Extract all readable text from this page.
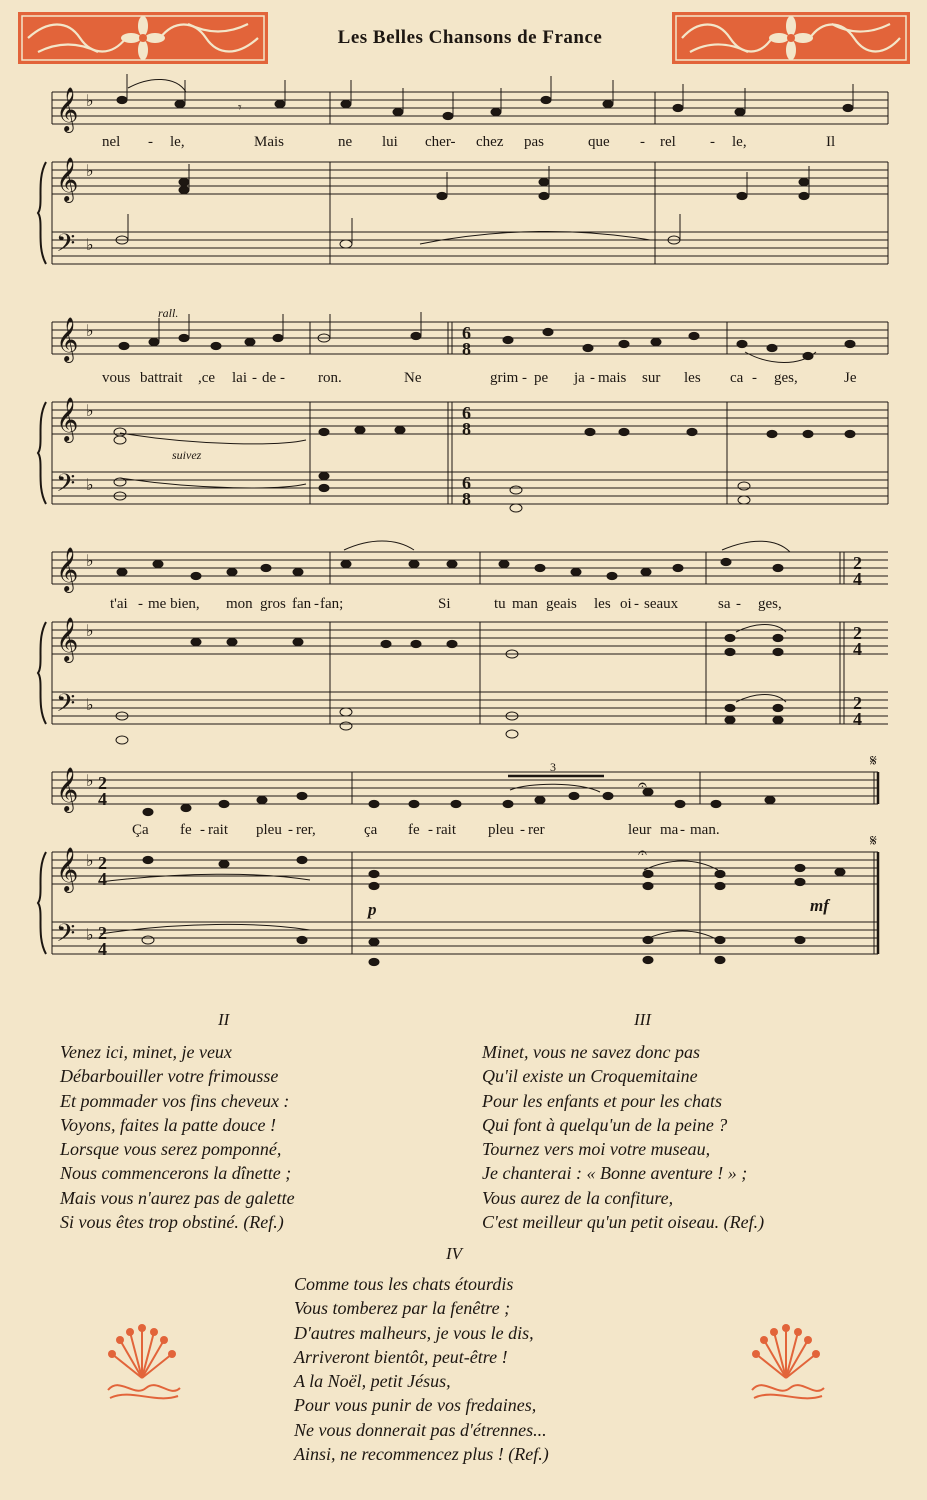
Les Belles Chansons de France
𝄞
𝄞
𝄞
𝄞
𝄞
𝄞
𝄞
𝄞
𝄢
𝄢
𝄢
𝄢
♭
♭
♭
♭
♭
♭
♭
♭
♭
♭
♭
♭
6
8
6
8
6
8
2
4
2
4
2
4
2
4
2
4
2
4
𝄾
𝄋
𝄋
𝄐
𝄐
nel - le,	Mais	ne lui cher- chez pas	que - rel - le,	Il
vous battrait ,ce lai - de - ron.	Ne	grim - pe ja - mais sur les ca - ges,	Je
t'ai - me bien, mon gros fan - fan;	Si	tu man geais les oi - seaux	sa - ges,
Ça fe - rait pleu - rer,	ça fe - rait pleu - rer	leur ma - man.
rall.
suivez
p	mf
3
II
Venez ici, minet, je veux
Débarbouiller votre frimousse
Et pommader vos fins cheveux :
Voyons, faites la patte douce !
Lorsque vous serez pomponné,
Nous commencerons la dînette ;
Mais vous n'aurez pas de galette
Si vous êtes trop obstiné. (Ref.)
III
Minet, vous ne savez donc pas
Qu'il existe un Croquemitaine
Pour les enfants et pour les chats
Qui font à quelqu'un de la peine ?
Tournez vers moi votre museau,
Je chanterai : « Bonne aventure ! » ;
Vous aurez de la confiture,
C'est meilleur qu'un petit oiseau. (Ref.)
IV
Comme tous les chats étourdis
Vous tomberez par la fenêtre ;
D'autres malheurs, je vous le dis,
Arriveront bientôt, peut-être !
A la Noël, petit Jésus,
Pour vous punir de vos fredaines,
Ne vous donnerait pas d'étrennes...
Ainsi, ne recommencez plus ! (Ref.)
